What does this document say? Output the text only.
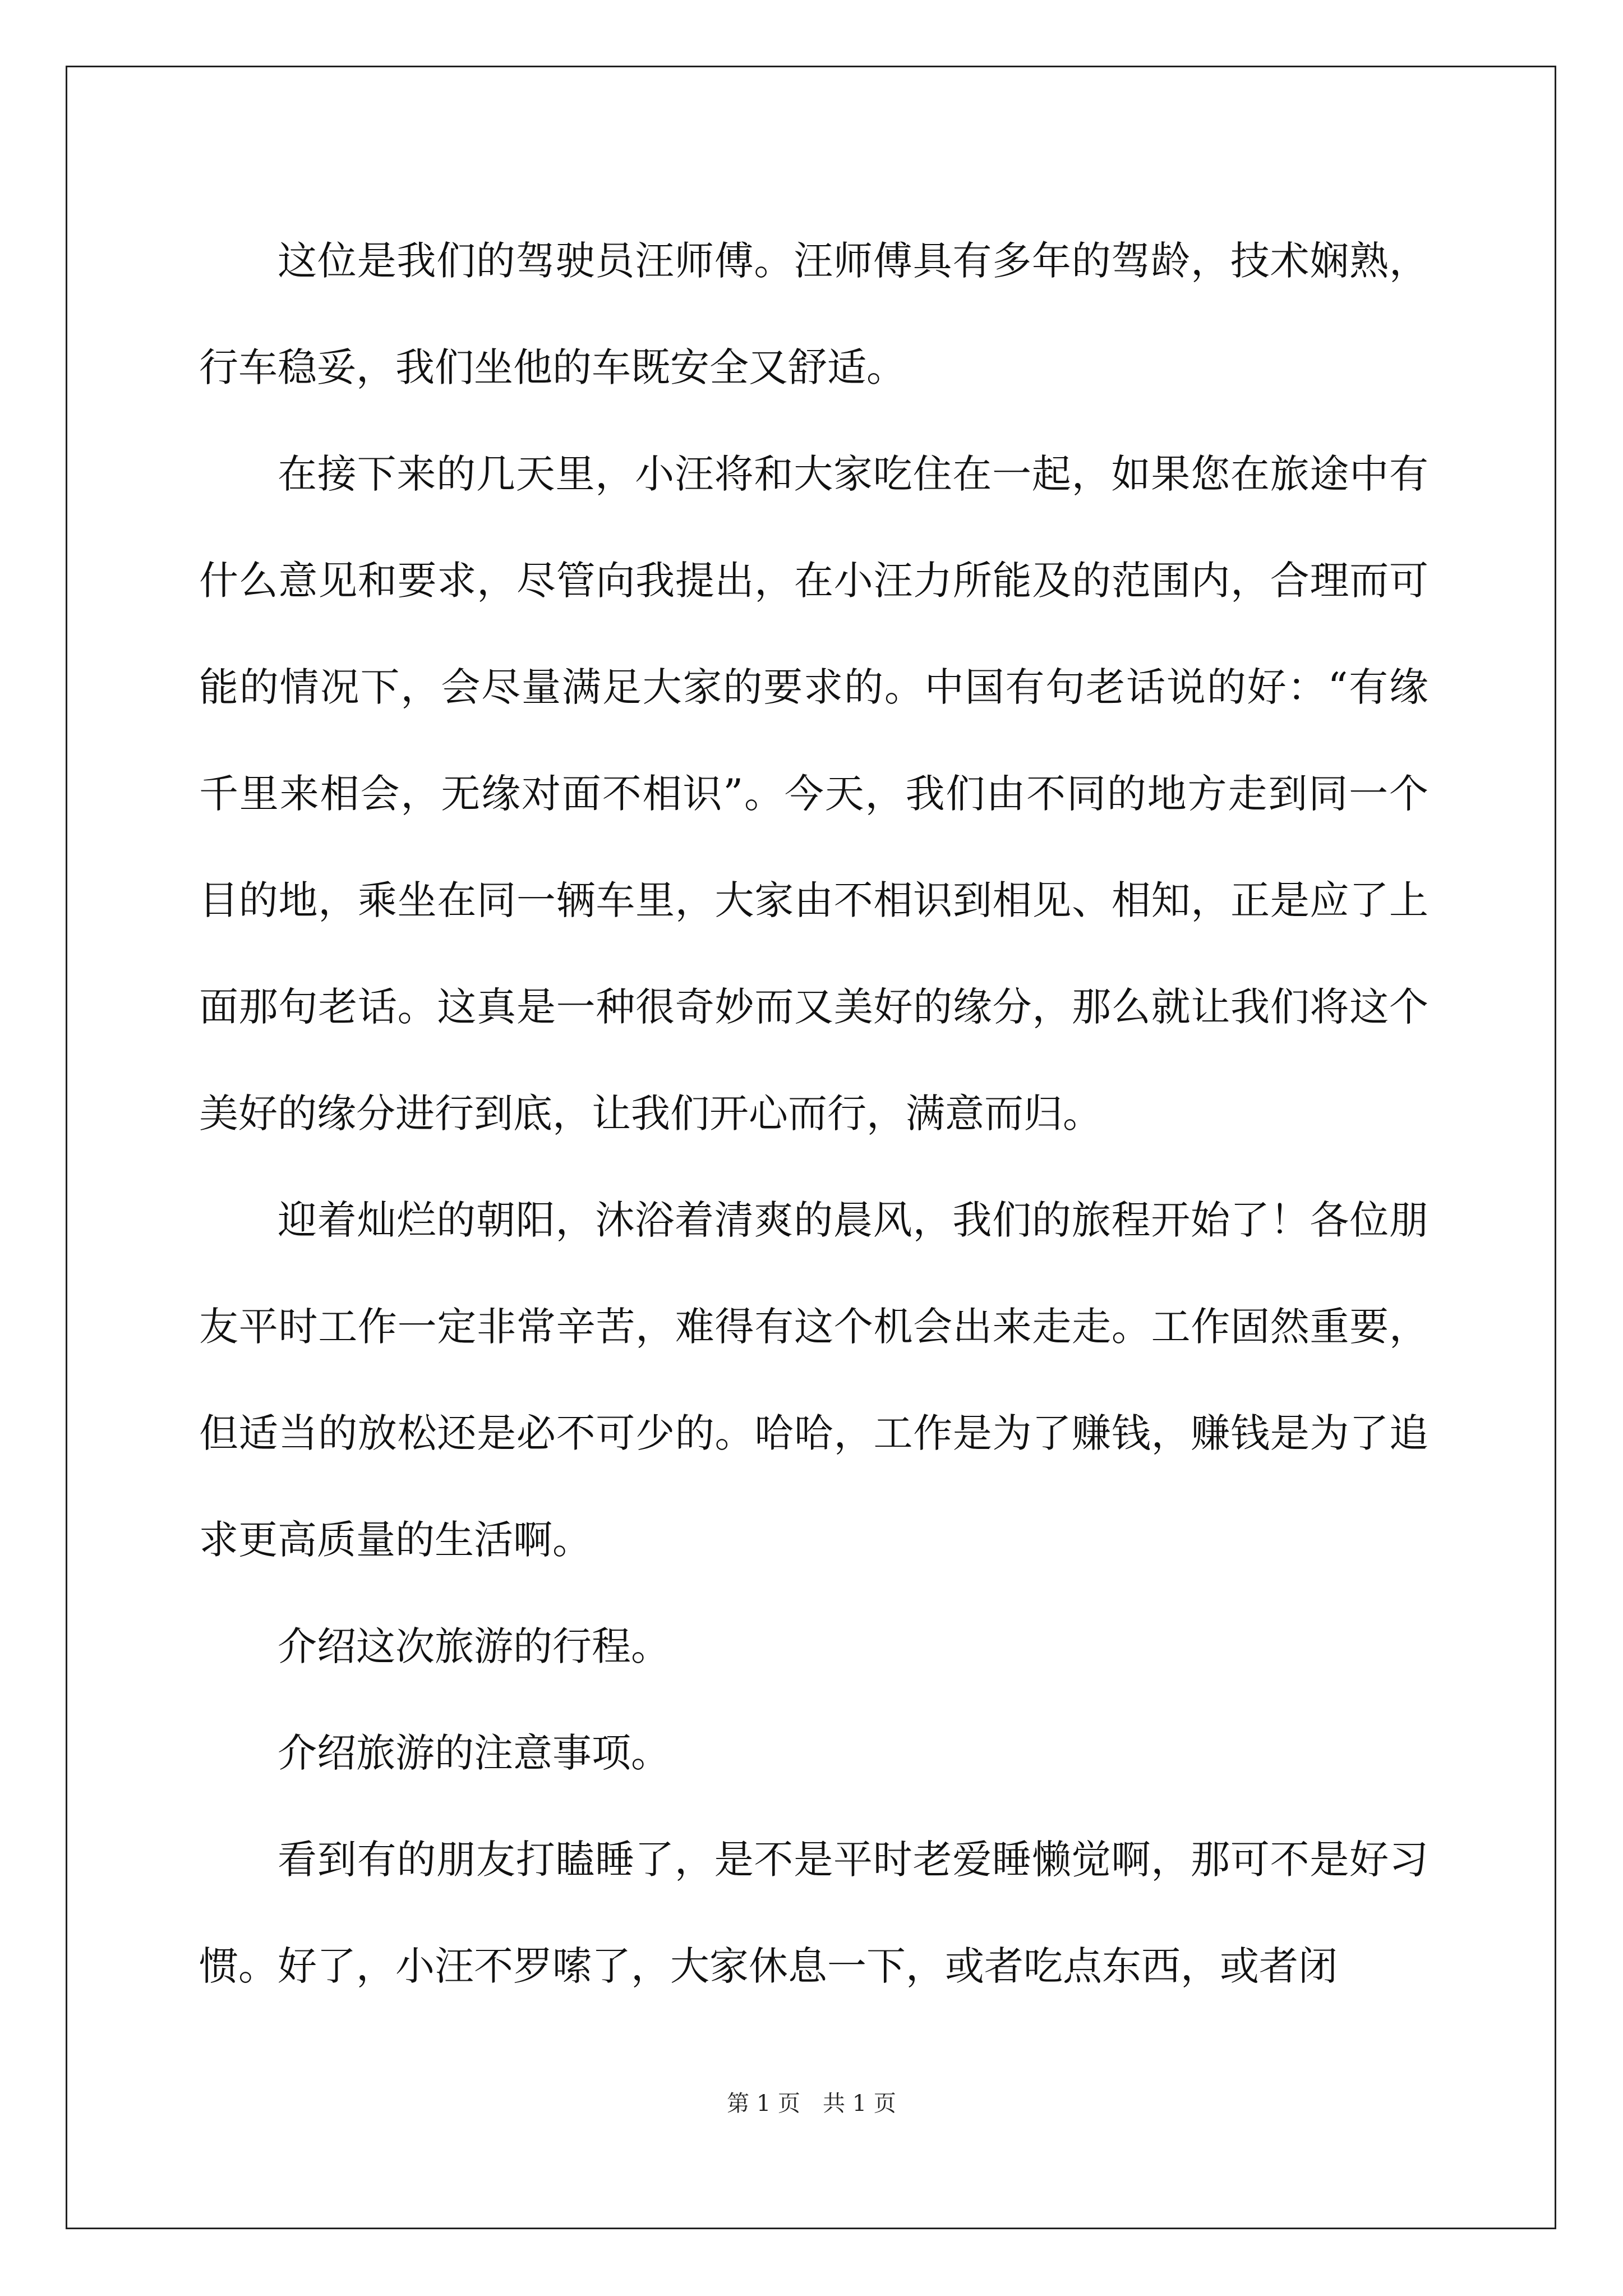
这位是我们的驾驶员汪师傅。汪师傅具有多年的驾龄，技术娴熟，行车稳妥，我们坐他的车既安全又舒适。

在接下来的几天里，小汪将和大家吃住在一起，如果您在旅途中有什么意见和要求，尽管向我提出，在小汪力所能及的范围内，合理而可能的情况下，会尽量满足大家的要求的。中国有句老话说的好：“有缘千里来相会，无缘对面不相识”。今天，我们由不同的地方走到同一个目的地，乘坐在同一辆车里，大家由不相识到相见、相知，正是应了上面那句老话。这真是一种很奇妙而又美好的缘分，那么就让我们将这个美好的缘分进行到底，让我们开心而行，满意而归。

迎着灿烂的朝阳，沐浴着清爽的晨风，我们的旅程开始了！各位朋友平时工作一定非常辛苦，难得有这个机会出来走走。工作固然重要，但适当的放松还是必不可少的。哈哈，工作是为了赚钱，赚钱是为了追求更高质量的生活啊。

介绍这次旅游的行程。

介绍旅游的注意事项。

看到有的朋友打瞌睡了，是不是平时老爱睡懒觉啊，那可不是好习惯。好了，小汪不罗嗦了，大家休息一下，或者吃点东西，或者闭

第 1 页　共 1 页
